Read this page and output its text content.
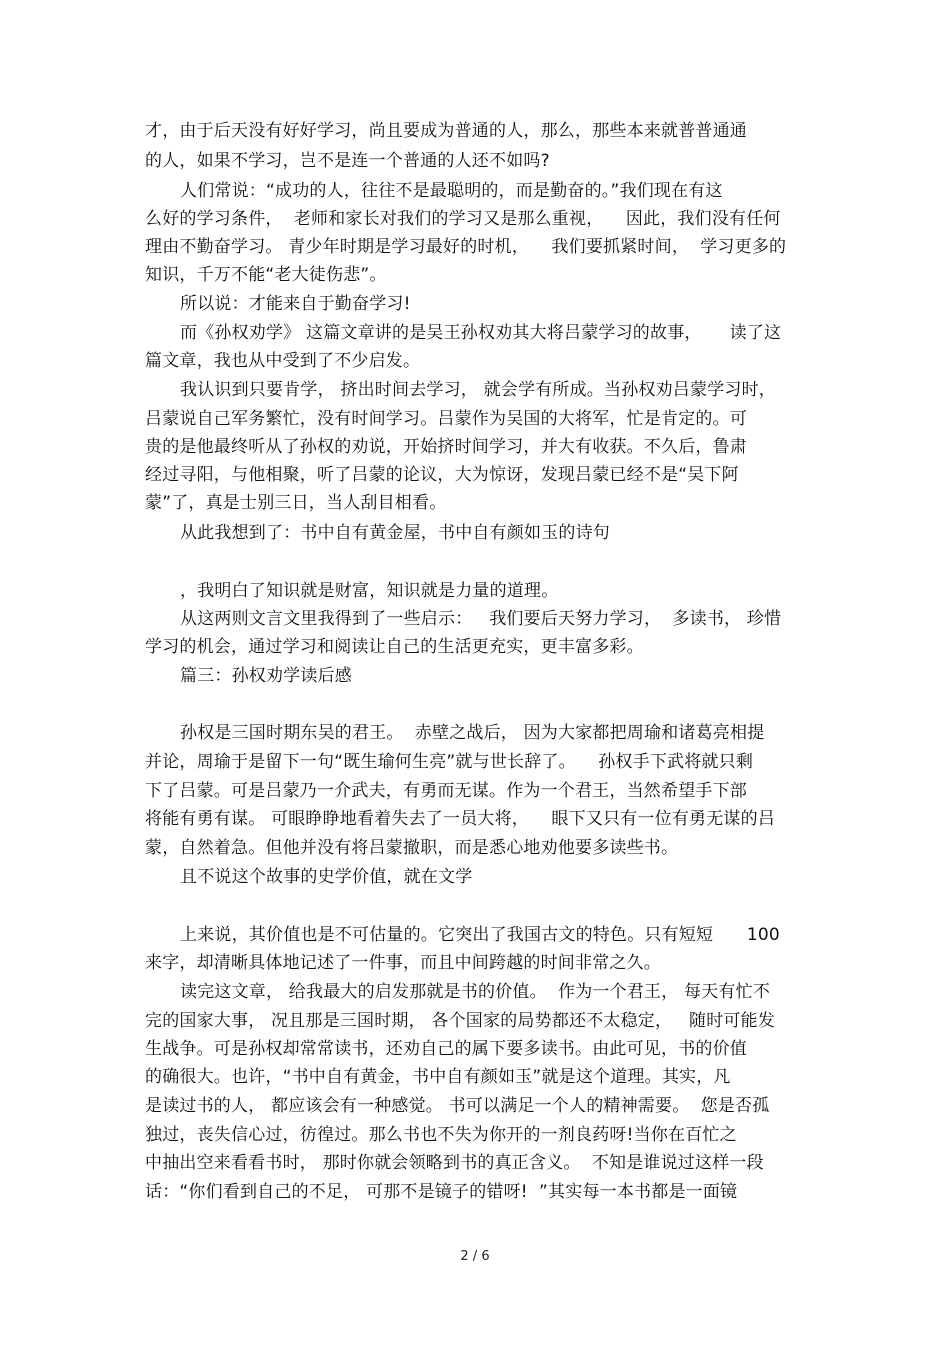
才，由于后天没有好好学习，尚且要成为普通的人，那么，那些本来就普普通通
的人，如果不学习，岂不是连一个普通的人还不如吗?
人们常说：“成功的人，往往不是最聪明的，而是勤奋的。”我们现在有这
么好的学习条件，  老师和家长对我们的学习又是那么重视，    因此，我们没有任何
理由不勤奋学习。 青少年时期是学习最好的时机，    我们要抓紧时间，  学习更多的
知识，千万不能“老大徒伤悲”。
所以说：才能来自于勤奋学习!
而《孙权劝学》 这篇文章讲的是吴王孙权劝其大将吕蒙学习的故事，     读了这
篇文章，我也从中受到了不少启发。
我认识到只要肯学， 挤出时间去学习， 就会学有所成。当孙权劝吕蒙学习时，
吕蒙说自己军务繁忙，没有时间学习。吕蒙作为吴国的大将军，忙是肯定的。可
贵的是他最终听从了孙权的劝说，开始挤时间学习，并大有收获。不久后，鲁肃
经过寻阳，与他相聚，听了吕蒙的论议，大为惊讶，发现吕蒙已经不是“吴下阿
蒙”了，真是士别三日，当人刮目相看。
从此我想到了：书中自有黄金屋，书中自有颜如玉的诗句
，我明白了知识就是财富，知识就是力量的道理。
从这两则文言文里我得到了一些启示：   我们要后天努力学习，  多读书， 珍惜
学习的机会，通过学习和阅读让自己的生活更充实，更丰富多彩。
篇三：孙权劝学读后感
孙权是三国时期东吴的君王。  赤壁之战后， 因为大家都把周瑜和诸葛亮相提
并论，周瑜于是留下一句“既生瑜何生亮”就与世长辞了。    孙权手下武将就只剩
下了吕蒙。可是吕蒙乃一介武夫，有勇而无谋。作为一个君王，当然希望手下部
将能有勇有谋。 可眼睁睁地看着失去了一员大将，    眼下又只有一位有勇无谋的吕
蒙，自然着急。但他并没有将吕蒙撤职，而是悉心地劝他要多读些书。
且不说这个故事的史学价值，就在文学
上来说，其价值也是不可估量的。它突出了我国古文的特色。只有短短      100
来字，却清晰具体地记述了一件事，而且中间跨越的时间非常之久。
读完这文章， 给我最大的启发那就是书的价值。  作为一个君王， 每天有忙不
完的国家大事， 况且那是三国时期， 各个国家的局势都还不太稳定，   随时可能发
生战争。可是孙权却常常读书，还劝自己的属下要多读书。由此可见，书的价值
的确很大。也许，“书中自有黄金，书中自有颜如玉”就是这个道理。其实，凡
是读过书的人， 都应该会有一种感觉。 书可以满足一个人的精神需要。  您是否孤
独过，丧失信心过，彷徨过。那么书也不失为你开的一剂良药呀!当你在百忙之
中抽出空来看看书时， 那时你就会领略到书的真正含义。  不知是谁说过这样一段
话：“你们看到自己的不足， 可那不是镜子的错呀!  ”其实每一本书都是一面镜
2 / 6
